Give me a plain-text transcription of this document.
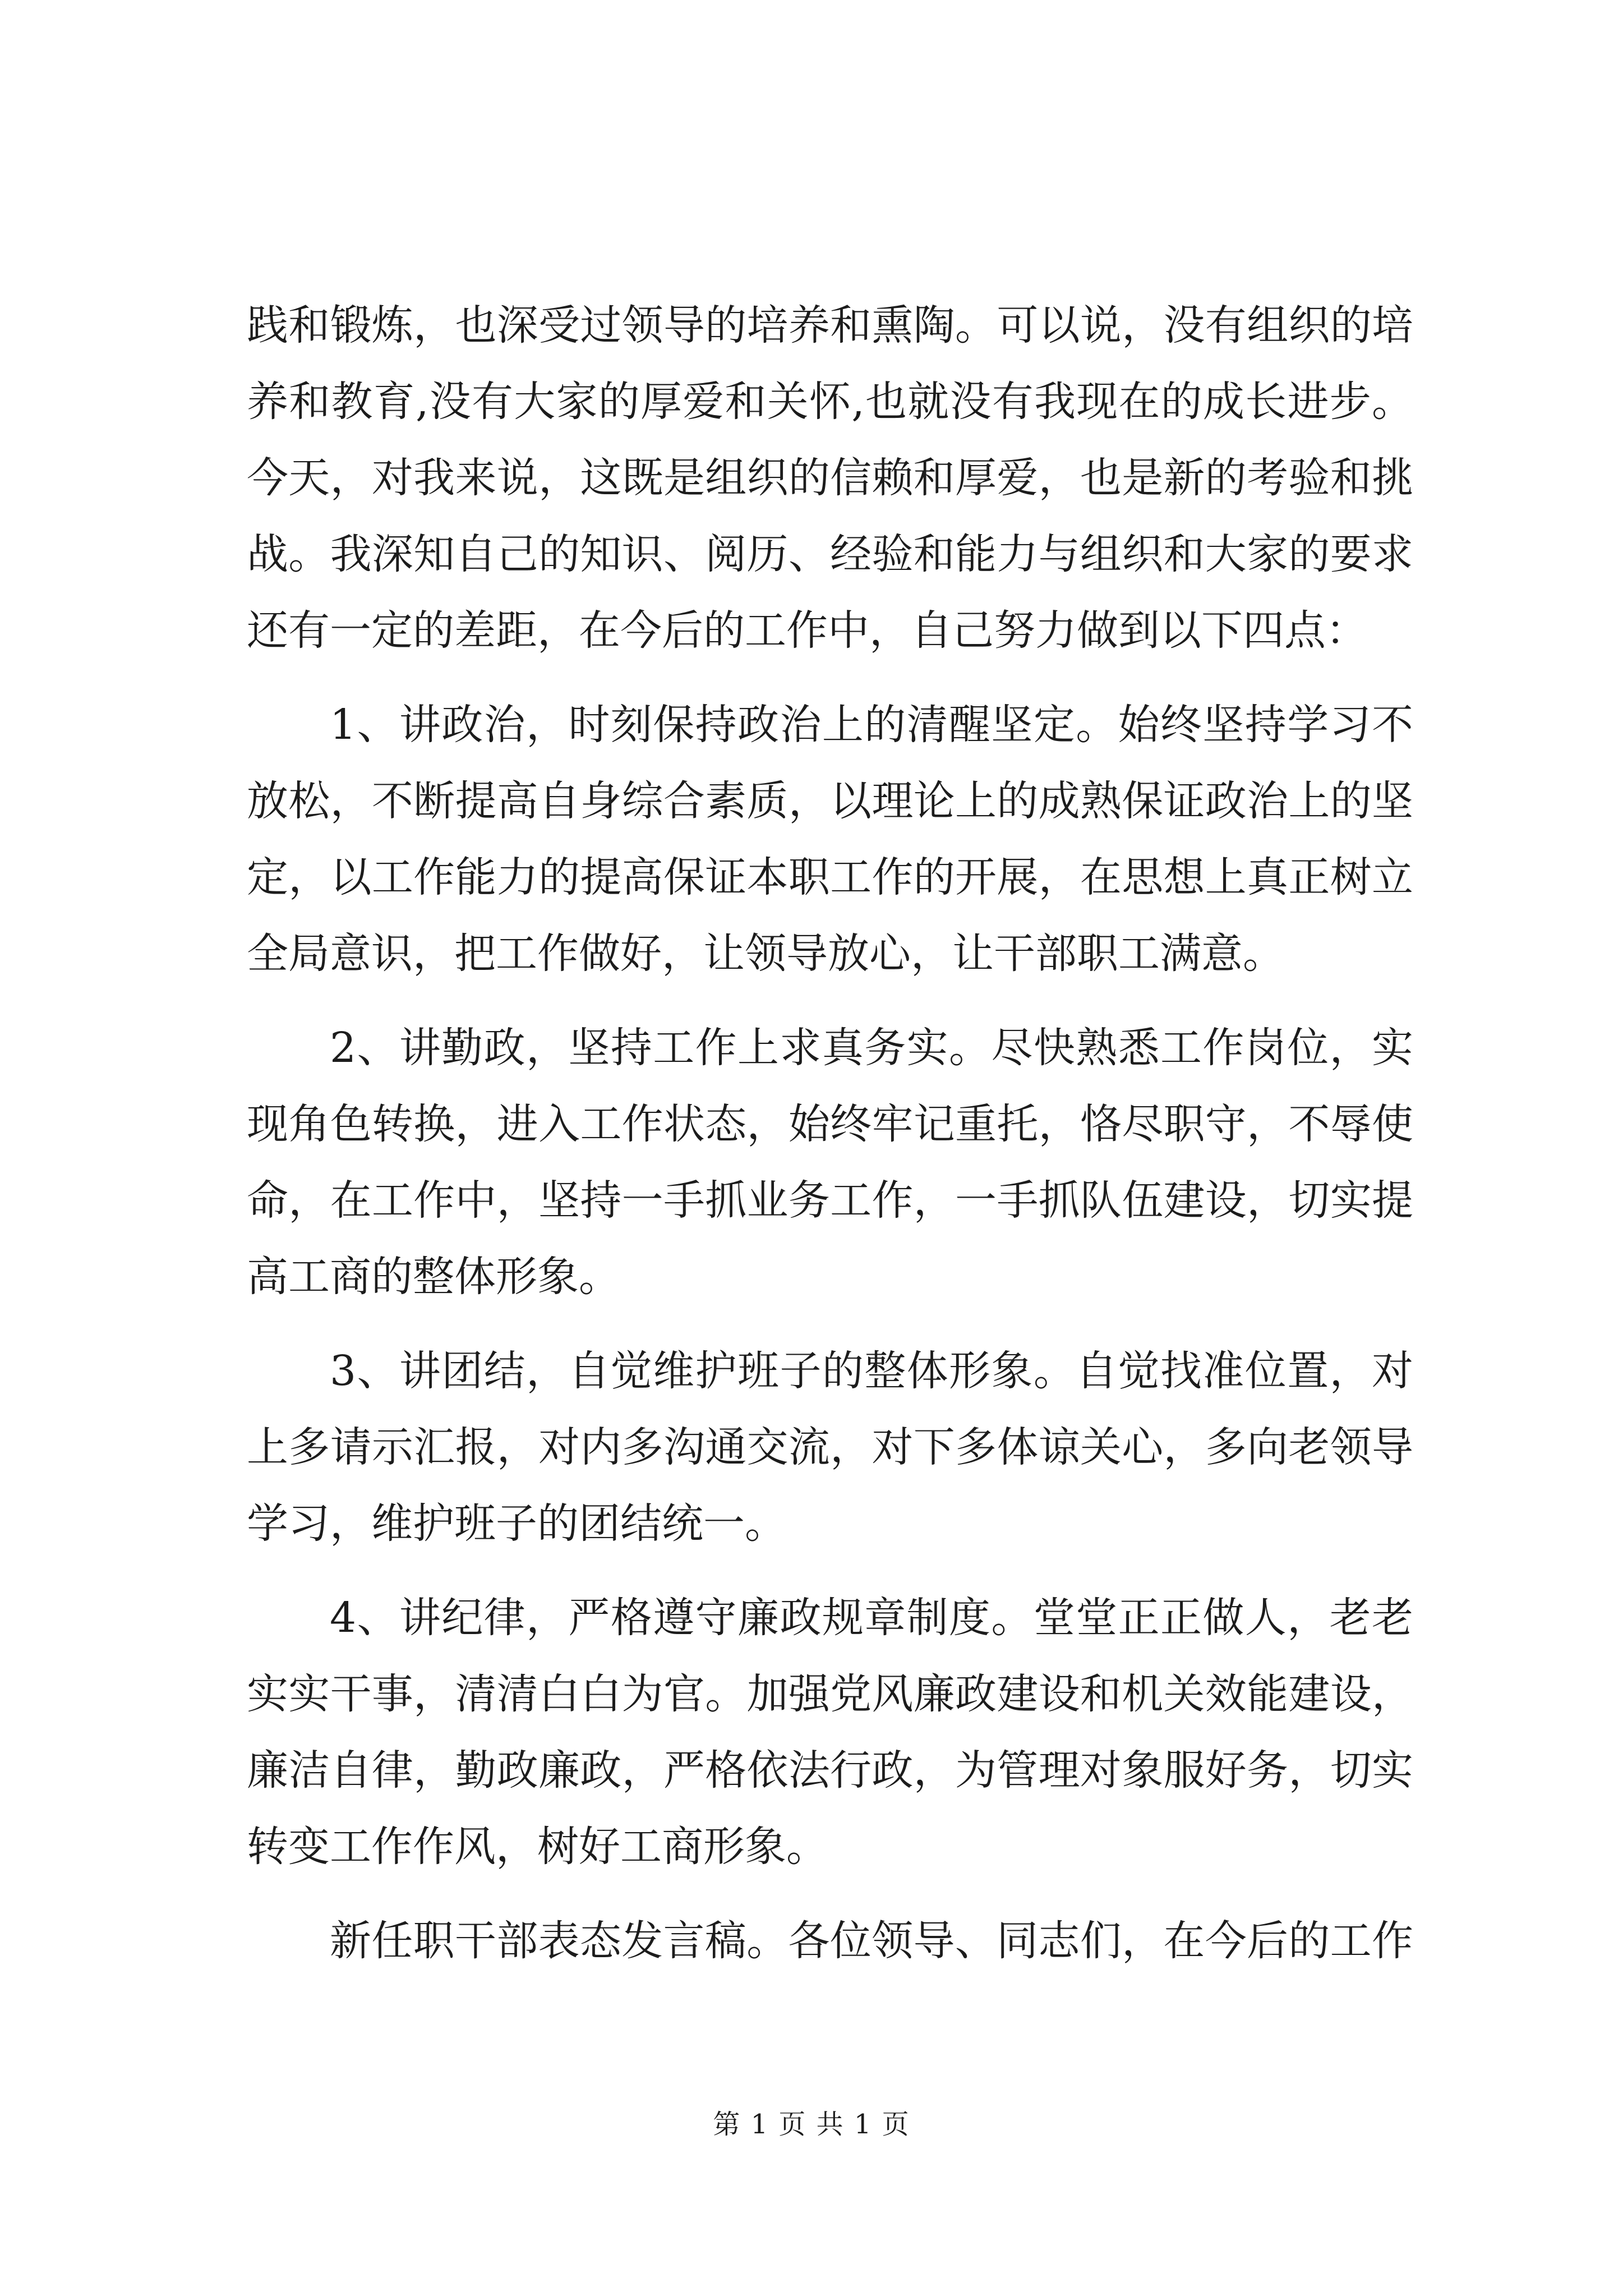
践和锻炼，也深受过领导的培养和熏陶。可以说，没有组织的培
养和教育,没有大家的厚爱和关怀,也就没有我现在的成长进步。
今天，对我来说，这既是组织的信赖和厚爱，也是新的考验和挑
战。我深知自己的知识、阅历、经验和能力与组织和大家的要求
还有一定的差距，在今后的工作中，自己努力做到以下四点：
1、讲政治，时刻保持政治上的清醒坚定。始终坚持学习不
放松，不断提高自身综合素质，以理论上的成熟保证政治上的坚
定，以工作能力的提高保证本职工作的开展，在思想上真正树立
全局意识，把工作做好，让领导放心，让干部职工满意。
2、讲勤政，坚持工作上求真务实。尽快熟悉工作岗位，实
现角色转换，进入工作状态，始终牢记重托，恪尽职守，不辱使
命，在工作中，坚持一手抓业务工作，一手抓队伍建设，切实提
高工商的整体形象。
3、讲团结，自觉维护班子的整体形象。自觉找准位置，对
上多请示汇报，对内多沟通交流，对下多体谅关心，多向老领导
学习，维护班子的团结统一。
4、讲纪律，严格遵守廉政规章制度。堂堂正正做人，老老
实实干事，清清白白为官。加强党风廉政建设和机关效能建设，
廉洁自律，勤政廉政，严格依法行政，为管理对象服好务，切实
转变工作作风，树好工商形象。
新任职干部表态发言稿。各位领导、同志们，在今后的工作
第 1 页 共 1 页
